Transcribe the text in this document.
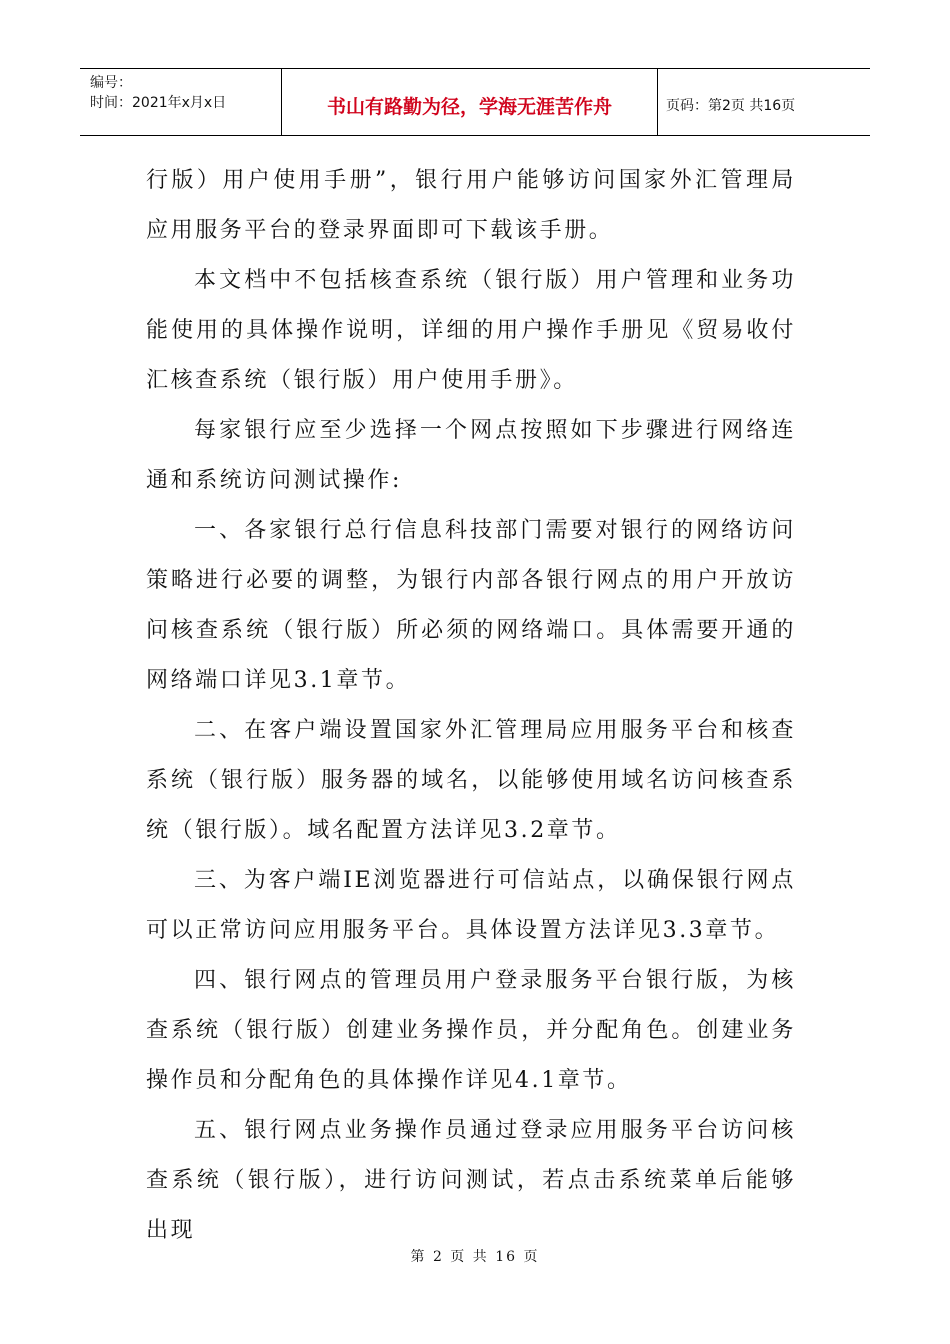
编号：
时间：2021年x月x日	书山有路勤为径，学海无涯苦作舟	页码：第2页 共16页

行版）用户使用手册”，银行用户能够访问国家外汇管理局应用服务平台的登录界面即可下载该手册。

本文档中不包括核查系统（银行版）用户管理和业务功能使用的具体操作说明，详细的用户操作手册见《贸易收付汇核查系统（银行版）用户使用手册》。

每家银行应至少选择一个网点按照如下步骤进行网络连通和系统访问测试操作:

一、各家银行总行信息科技部门需要对银行的网络访问策略进行必要的调整，为银行内部各银行网点的用户开放访问核查系统（银行版）所必须的网络端口。具体需要开通的网络端口详见3.1章节。

二、在客户端设置国家外汇管理局应用服务平台和核查系统（银行版）服务器的域名，以能够使用域名访问核查系统（银行版）。域名配置方法详见3.2章节。

三、为客户端IE浏览器进行可信站点，以确保银行网点可以正常访问应用服务平台。具体设置方法详见3.3章节。

四、银行网点的管理员用户登录服务平台银行版，为核查系统（银行版）创建业务操作员，并分配角色。创建业务操作员和分配角色的具体操作详见4.1章节。

五、银行网点业务操作员通过登录应用服务平台访问核查系统（银行版），进行访问测试，若点击系统菜单后能够出现

第 2 页 共 16 页
